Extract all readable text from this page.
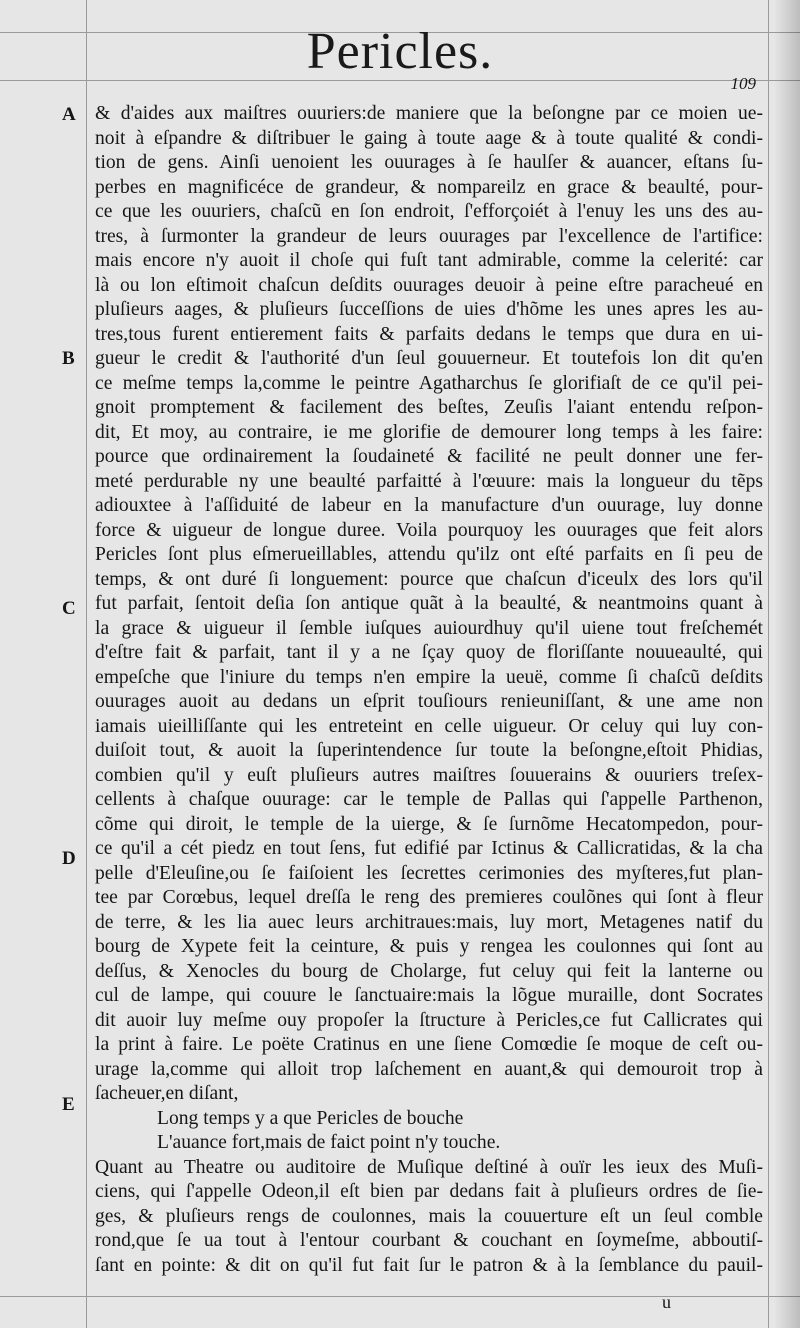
Pericles.
109
A
B
C
D
E
& d'aides aux maiſtres ouuriers:de maniere que la beſongne par ce moien ue-
noit à eſpandre & diſtribuer le gaing à toute aage & à toute qualité & condi-
tion de gens. Ainſi uenoient les ouurages à ſe haulſer & auancer, eſtans ſu-
perbes en magnificéce de grandeur, & nompareilz en grace & beaulté, pour-
ce que les ouuriers, chaſcũ en ſon endroit, ſ'efforçoiét à l'enuy les uns des au-
tres, à ſurmonter la grandeur de leurs ouurages par l'excellence de l'artifice:
mais encore n'y auoit il choſe qui fuſt tant admirable, comme la celerité: car
là ou lon eſtimoit chaſcun deſdits ouurages deuoir à peine eſtre paracheué en
pluſieurs aages, & pluſieurs ſucceſſions de uies d'hõme les unes apres les au-
tres,tous furent entierement faits & parfaits dedans le temps que dura en ui-
gueur le credit & l'authorité d'un ſeul gouuerneur. Et toutefois lon dit qu'en
ce meſme temps la,comme le peintre Agatharchus ſe glorifiaſt de ce qu'il pei-
gnoit promptement & facilement des beſtes, Zeuſis l'aiant entendu reſpon-
dit, Et moy, au contraire, ie me glorifie de demourer long temps à les faire:
pource que ordinairement la ſoudaineté & facilité ne peult donner une fer-
meté perdurable ny une beaulté parfaitté à l'œuure: mais la longueur du tẽps
adiouxtee à l'aſſiduité de labeur en la manufacture d'un ouurage, luy donne
force & uigueur de longue duree. Voila pourquoy les ouurages que feit alors
Pericles ſont plus eſmerueillables, attendu qu'ilz ont eſté parfaits en ſi peu de
temps, & ont duré ſi longuement: pource que chaſcun d'iceulx des lors qu'il
fut parfait, ſentoit deſia ſon antique quãt à la beaulté, & neantmoins quant à
la grace & uigueur il ſemble iuſques auiourdhuy qu'il uiene tout freſchemét
d'eſtre fait & parfait, tant il y a ne ſçay quoy de floriſſante nouueaulté, qui
empeſche que l'iniure du temps n'en empire la ueuë, comme ſi chaſcũ deſdits
ouurages auoit au dedans un eſprit touſiours renieuniſſant, & une ame non
iamais uieilliſſante qui les entreteint en celle uigueur. Or celuy qui luy con-
duiſoit tout, & auoit la ſuperintendence ſur toute la beſongne,eſtoit Phidias,
combien qu'il y euſt pluſieurs autres maiſtres ſouuerains & ouuriers treſex-
cellents à chaſque ouurage: car le temple de Pallas qui ſ'appelle Parthenon,
cõme qui diroit, le temple de la uierge, & ſe ſurnõme Hecatompedon, pour-
ce qu'il a cét piedz en tout ſens, fut edifié par Ictinus & Callicratidas, & la cha
pelle d'Eleuſine,ou ſe faiſoient les ſecrettes cerimonies des myſteres,fut plan-
tee par Corœbus, lequel dreſſa le reng des premieres coulõnes qui ſont à fleur
de terre, & les lia auec leurs architraues:mais, luy mort, Metagenes natif du
bourg de Xypete feit la ceinture, & puis y rengea les coulonnes qui ſont au
deſſus, & Xenocles du bourg de Cholarge, fut celuy qui feit la lanterne ou
cul de lampe, qui couure le ſanctuaire:mais la lõgue muraille, dont Socrates
dit auoir luy meſme ouy propoſer la ſtructure à Pericles,ce fut Callicrates qui
la print à faire. Le poëte Cratinus en une ſiene Comœdie ſe moque de ceſt ou-
urage la,comme qui alloit trop laſchement en auant,& qui demouroit trop à
ſacheuer,en diſant,
Long temps y a que Pericles de bouche
L'auance fort,mais de faict point n'y touche.
Quant au Theatre ou auditoire de Muſique deſtiné à ouïr les ieux des Muſi-
ciens, qui ſ'appelle Odeon,il eſt bien par dedans fait à pluſieurs ordres de ſie-
ges, & pluſieurs rengs de coulonnes, mais la couuerture eſt un ſeul comble
rond,que ſe ua tout à l'entour courbant & couchant en ſoymeſme, abboutiſ-
ſant en pointe: & dit on qu'il fut fait ſur le patron & à la ſemblance du pauil-
u
